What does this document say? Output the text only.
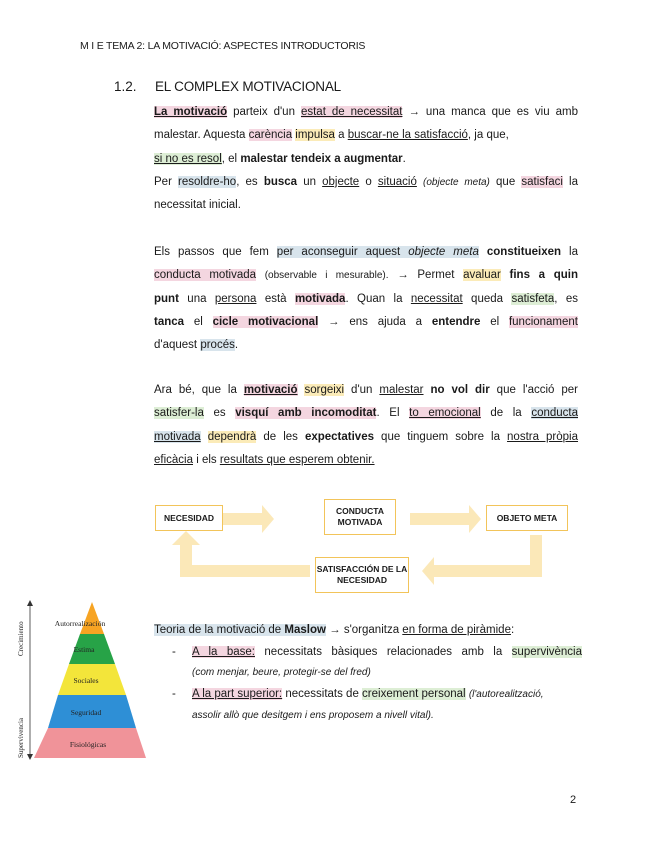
M I E TEMA 2: LA MOTIVACIÓ: ASPECTES INTRODUCTORIS
1.2. EL COMPLEX MOTIVACIONAL
La motivació parteix d'un estat de necessitat → una manca que es viu amb
malestar. Aquesta carència impulsa a buscar-ne la satisfacció, ja que,
si no es resol, el malestar tendeix a augmentar.
Per resoldre-ho, es busca un objecte o situació (objecte meta) que satisfaci la
necessitat inicial.
Els passos que fem per aconseguir aquest objecte meta constitueixen la
conducta motivada (observable i mesurable). → Permet avaluar fins a quin
punt una persona està motivada. Quan la necessitat queda satisfeta, es
tanca el cicle motivacional → ens ajuda a entendre el funcionament
d'aquest procés.
Ara bé, que la motivació sorgeixi d'un malestar no vol dir que l'acció per
satisfer-la es visquí amb incomoditat. El to emocional de la conducta
motivada dependrà de les expectatives que tinguem sobre la nostra pròpia
eficàcia i els resultats que esperem obtenir.
NECESIDAD
CONDUCTA MOTIVADA	OBJETO META
SATISFACCIÓN DE LA NECESIDAD
Autorrealización
Estima
Sociales
Seguridad
Fisiológicas
Crecimiento
Supervivencia
Teoria de la motivació de Maslow → s'organitza en forma de piràmide:
- A la base: necessitats bàsiques relacionades amb la supervivència
(com menjar, beure, protegir-se del fred)
- A la part superior: necessitats de creixement personal (l'autorealització,
assolir allò que desitgem i ens proposem a nivell vital).
2
